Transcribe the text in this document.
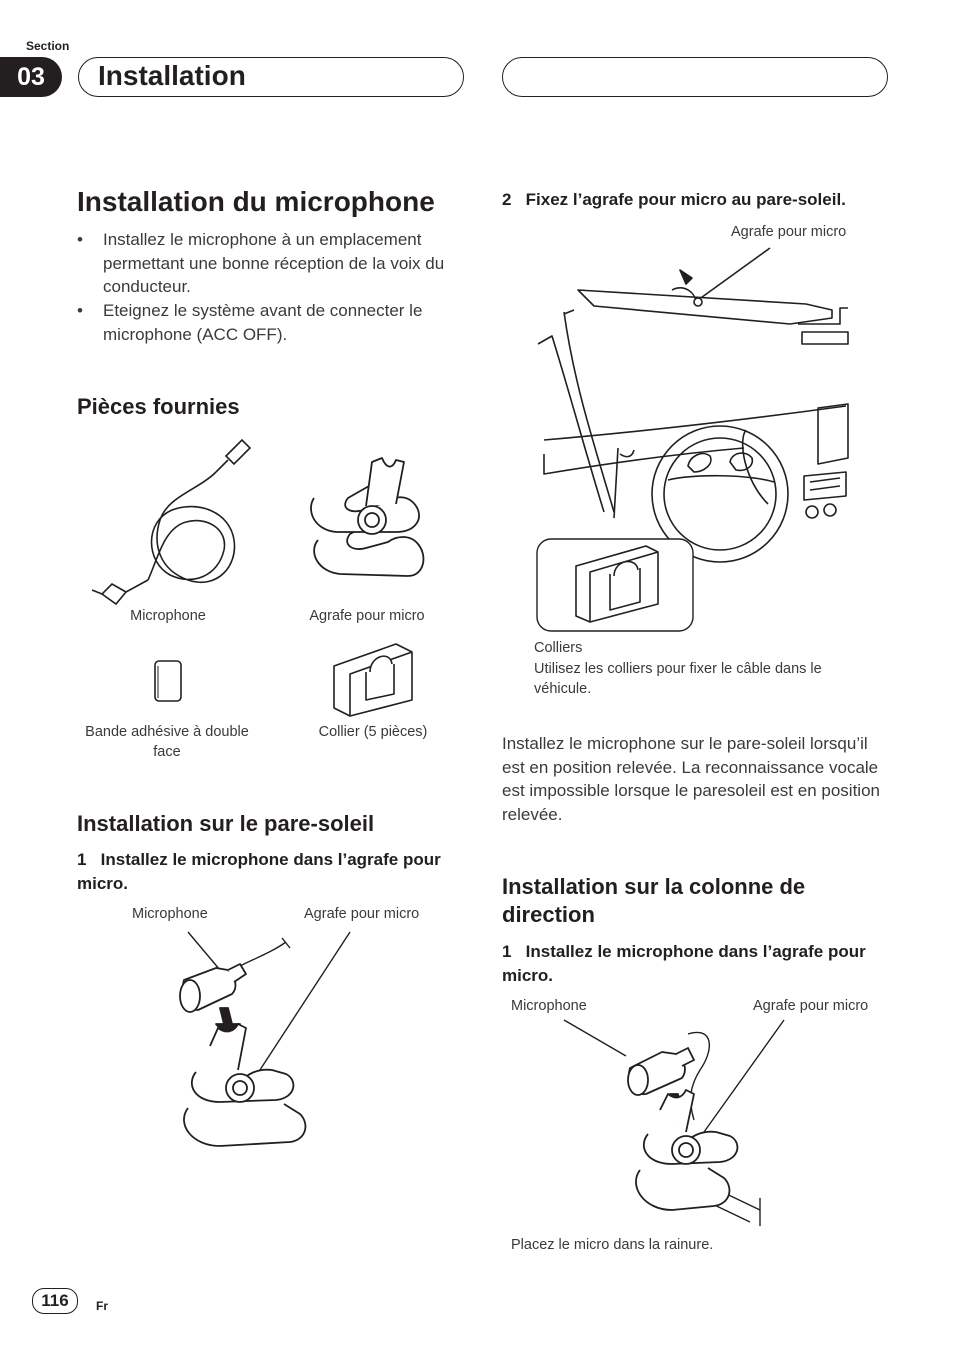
Section
03	Installation
Installation du microphone
•	Installez le microphone à un emplacement permettant une bonne réception de la voix du conducteur.
•	Eteignez le système avant de connecter le microphone (ACC OFF).
Pièces fournies
Microphone	Agrafe pour micro
Bande adhésive à double face
Collier (5 pièces)
Installation sur le pare-soleil
1 Installez le microphone dans l’agrafe pour micro.
Microphone	Agrafe pour micro
2 Fixez l’agrafe pour micro au pare-soleil.
Agrafe pour micro
Colliers
Utilisez les colliers pour fixer le câble dans le véhicule.
Installez le microphone sur le pare-soleil lorsqu’il est en position relevée. La reconnaissance vocale est impossible lorsque le paresoleil est en position relevée.
Installation sur la colonne de direction
1 Installez le microphone dans l’agrafe pour micro.
Microphone	Agrafe pour micro
Placez le micro dans la rainure.
116	Fr
